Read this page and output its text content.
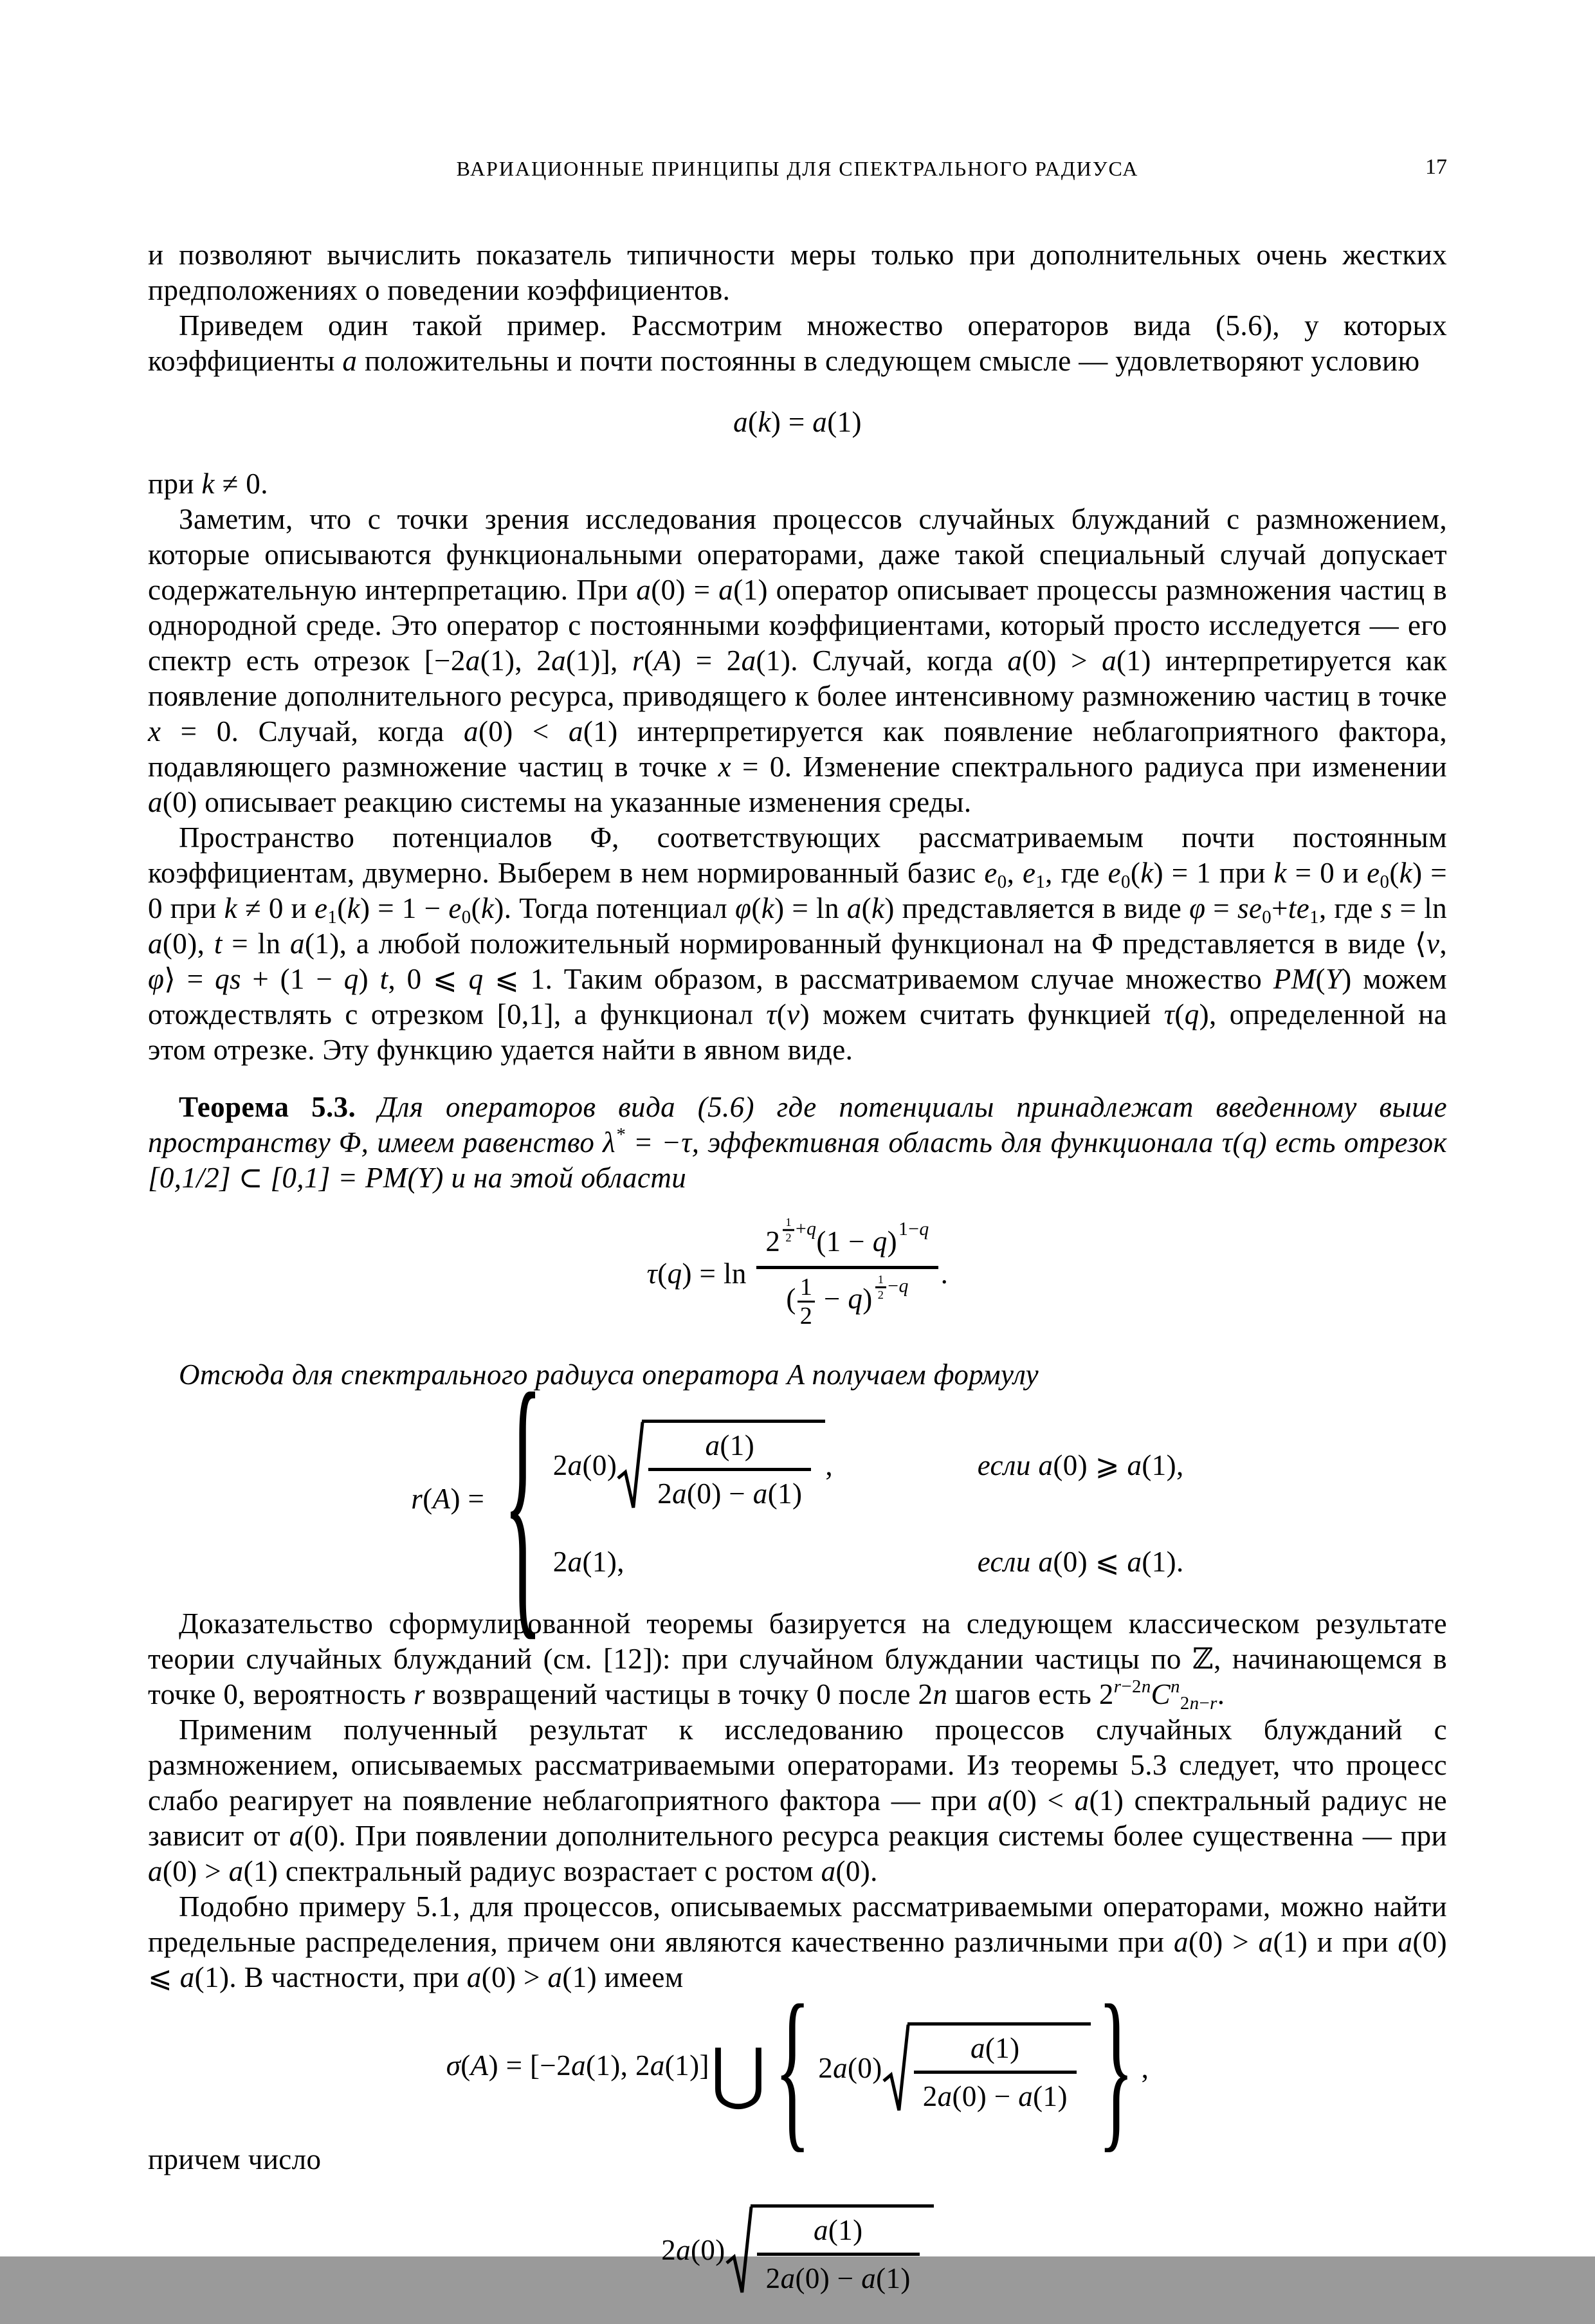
ВАРИАЦИОННЫЕ ПРИНЦИПЫ ДЛЯ СПЕКТРАЛЬНОГО РАДИУСА	17

и позволяют вычислить показатель типичности меры только при дополнительных очень жестких предположениях о поведении коэффициентов.

Приведем один такой пример. Рассмотрим множество операторов вида (5.6), у которых коэффициенты a положительны и почти постоянны в следующем смысле — удовлетворяют условию

a(k) = a(1)

при k ≠ 0.

Заметим, что с точки зрения исследования процессов случайных блужданий с размножением, которые описываются функциональными операторами, даже такой специальный случай допускает содержательную интерпретацию. При a(0) = a(1) оператор описывает процессы размножения частиц в однородной среде. Это оператор с постоянными коэффициентами, который просто исследуется — его спектр есть отрезок [−2a(1), 2a(1)], r(A) = 2a(1). Случай, когда a(0) > a(1) интерпретируется как появление дополнительного ресурса, приводящего к более интенсивному размножению частиц в точке x = 0. Случай, когда a(0) < a(1) интерпретируется как появление неблагоприятного фактора, подавляющего размножение частиц в точке x = 0. Изменение спектрального радиуса при изменении a(0) описывает реакцию системы на указанные изменения среды.

Пространство потенциалов Φ, соответствующих рассматриваемым почти постоянным коэффициентам, двумерно. Выберем в нем нормированный базис e0, e1, где e0(k) = 1 при k = 0 и e0(k) = 0 при k ≠ 0 и e1(k) = 1 − e0(k). Тогда потенциал φ(k) = ln a(k) представляется в виде φ = se0+te1, где s = ln a(0), t = ln a(1), а любой положительный нормированный функционал на Φ представляется в виде ⟨ν, φ⟩ = qs + (1 − q) t, 0 ⩽ q ⩽ 1. Таким образом, в рассматриваемом случае множество PM(Y) можем отождествлять с отрезком [0,1], а функционал τ(ν) можем считать функцией τ(q), определенной на этом отрезке. Эту функцию удается найти в явном виде.

Теорема 5.3. Для операторов вида (5.6) где потенциалы принадлежат введенному выше пространству Φ, имеем равенство λ* = −τ, эффективная область для функционала τ(q) есть отрезок [0,1/2] ⊂ [0,1] = PM(Y) и на этой области

$\tau(q) = \ln \frac{2 \frac{1}{2} +q(1 - q)1-q}{( \frac{1}{2} - q) \frac{1}{2} -q}$ .

Отсюда для спектрального радиуса оператора A получаем формулу

r(A) = { $2a(0) \frac{a(1)}{2a(0) - a(1)}$ ,	если a(0) ⩾ a(1),
2 a (1),	если a(0) ⩽ a(1).

Доказательство сформулированной теоремы базируется на следующем классическом результате теории случайных блужданий (см. [12]): при случайном блуждании частицы по ℤ, начинающемся в точке 0, вероятность r возвращений частицы в точку 0 после 2n шагов есть $2^{r-2n}C^n2n-r$.

Применим полученный результат к исследованию процессов случайных блужданий с размножением, описываемых рассматриваемыми операторами. Из теоремы 5.3 следует, что процесс слабо реагирует на появление неблагоприятного фактора — при a(0) < a(1) спектральный радиус не зависит от a(0). При появлении дополнительного ресурса реакция системы более существенна — при a(0) > a(1) спектральный радиус возрастает с ростом a(0).

Подобно примеру 5.1, для процессов, описываемых рассматриваемыми операторами, можно найти предельные распределения, причем они являются качественно различными при a(0) > a(1) и при a(0) ⩽ a(1). В частности, при a(0) > a(1) имеем

σ(A) = [−2a(1), 2a(1)]⋃ { $2a(0) \frac{a(1)}{2a(0) - a(1)}$ } ,

причем число

$2a(0) \frac{a(1)}{2a(0) - a(1)}$
